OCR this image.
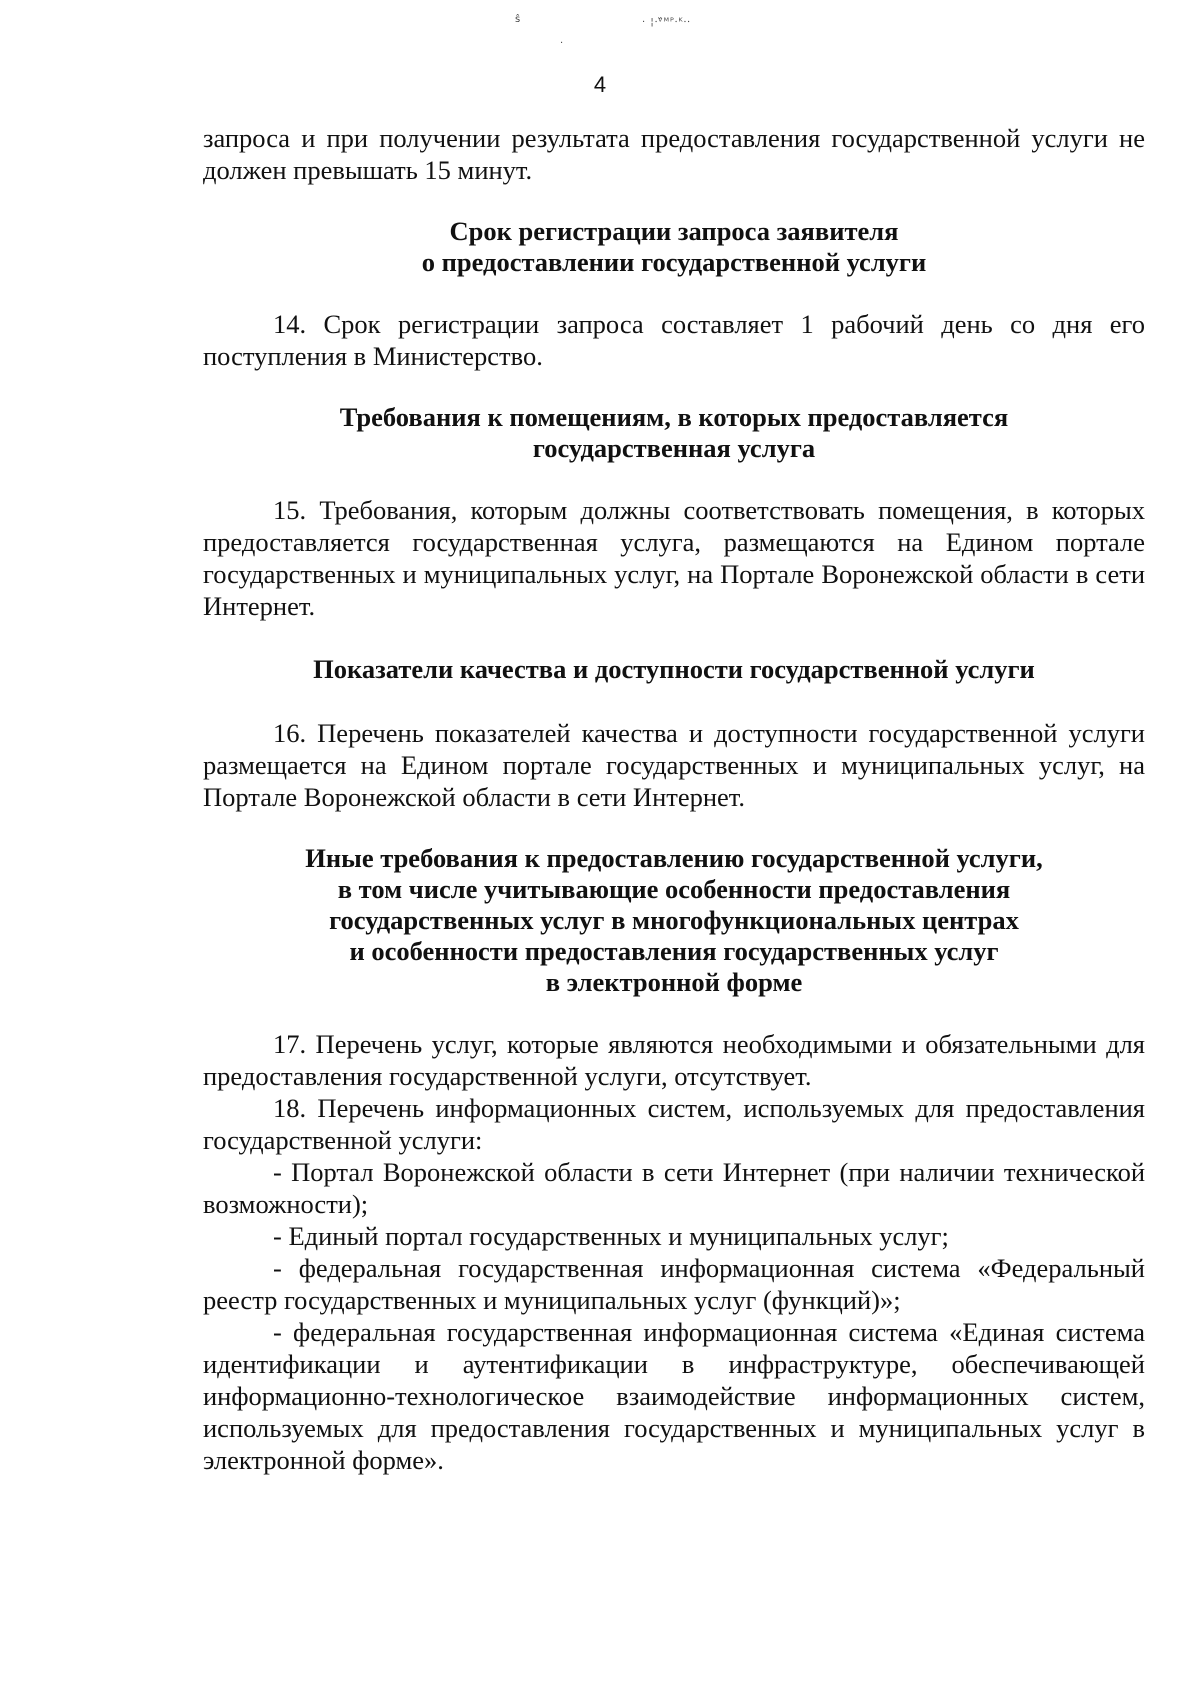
ŝ	· ¦⸱ᵛ᷈ᴹᴾ⸱ᴷ⸱⸱
·
4

запроса и при получении результата предоставления государственной услуги не должен превышать 15 минут.

Срок регистрации запроса заявителя
о предоставлении государственной услуги

14. Срок регистрации запроса составляет 1 рабочий день со дня его поступления в Министерство.

Требования к помещениям, в которых предоставляется
государственная услуга

15. Требования, которым должны соответствовать помещения, в которых предоставляется государственная услуга, размещаются на Едином портале государственных и муниципальных услуг, на Портале Воронежской области в сети Интернет.

Показатели качества и доступности государственной услуги

16. Перечень показателей качества и доступности государственной услуги размещается на Едином портале государственных и муниципальных услуг, на Портале Воронежской области в сети Интернет.

Иные требования к предоставлению государственной услуги,
в том числе учитывающие особенности предоставления
государственных услуг в многофункциональных центрах
и особенности предоставления государственных услуг
в электронной форме

17. Перечень услуг, которые являются необходимыми и обязательными для предоставления государственной услуги, отсутствует.

18. Перечень информационных систем, используемых для предоставления государственной услуги:

- Портал Воронежской области в сети Интернет (при наличии технической возможности);

- Единый портал государственных и муниципальных услуг;

- федеральная государственная информационная система «Федеральный реестр государственных и муниципальных услуг (функций)»;

- федеральная государственная информационная система «Единая система идентификации и аутентификации в инфраструктуре, обеспечивающей информационно-технологическое взаимодействие информационных систем, используемых для предоставления государственных и муниципальных услуг в электронной форме».
